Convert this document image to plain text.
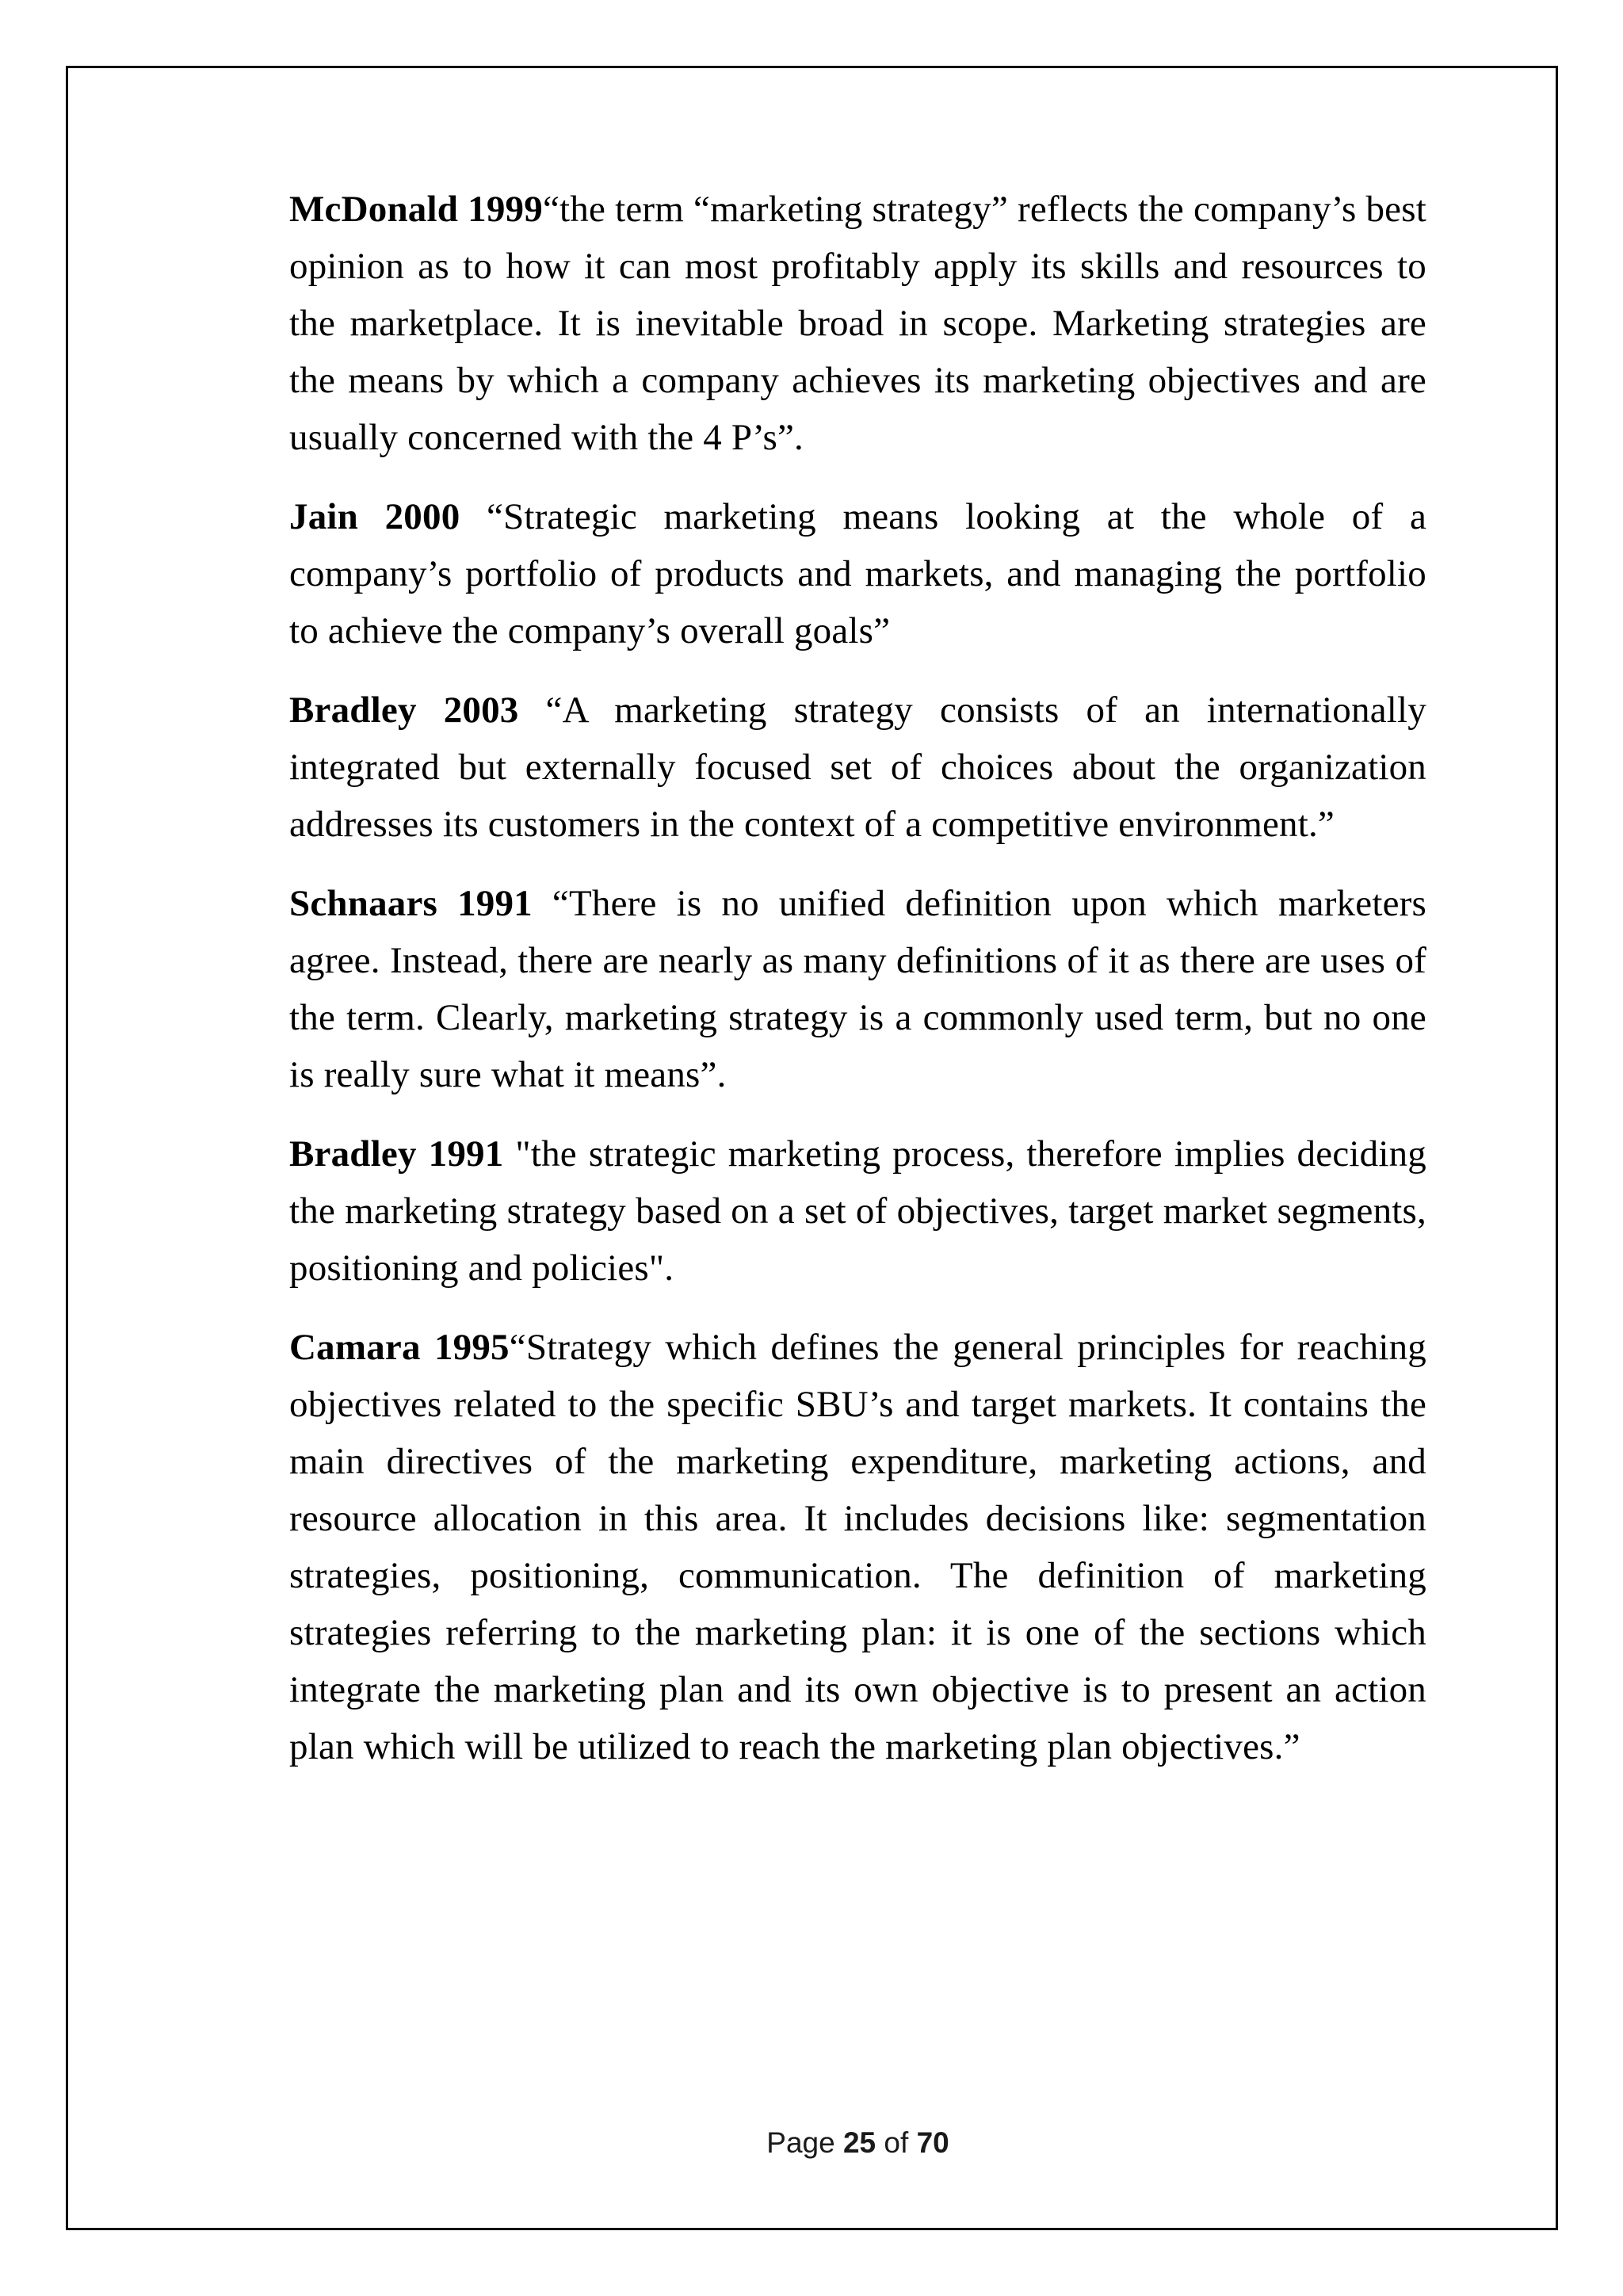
McDonald 1999“the term “marketing strategy” reflects the company’s best opinion as to how it can most profitably apply its skills and resources to the marketplace. It is inevitable broad in scope. Marketing strategies are the means by which a company achieves its marketing objectives and are usually concerned with the 4 P’s”.

Jain 2000 “Strategic marketing means looking at the whole of a company’s portfolio of products and markets, and managing the portfolio to achieve the company’s overall goals”

Bradley 2003 “A marketing strategy consists of an internationally integrated but externally focused set of choices about the organization addresses its customers in the context of a competitive environment.”

Schnaars 1991 “There is no unified definition upon which marketers agree. Instead, there are nearly as many definitions of it as there are uses of the term. Clearly, marketing strategy is a commonly used term, but no one is really sure what it means”.

Bradley 1991 "the strategic marketing process, therefore implies deciding the marketing strategy based on a set of objectives, target market segments, positioning and policies".

Camara 1995“Strategy which defines the general principles for reaching objectives related to the specific SBU’s and target markets. It contains the main directives of the marketing expenditure, marketing actions, and resource allocation in this area. It includes decisions like: segmentation strategies, positioning, communication. The definition of marketing strategies referring to the marketing plan: it is one of the sections which integrate the marketing plan and its own objective is to present an action plan which will be utilized to reach the marketing plan objectives.”

Page 25 of 70
